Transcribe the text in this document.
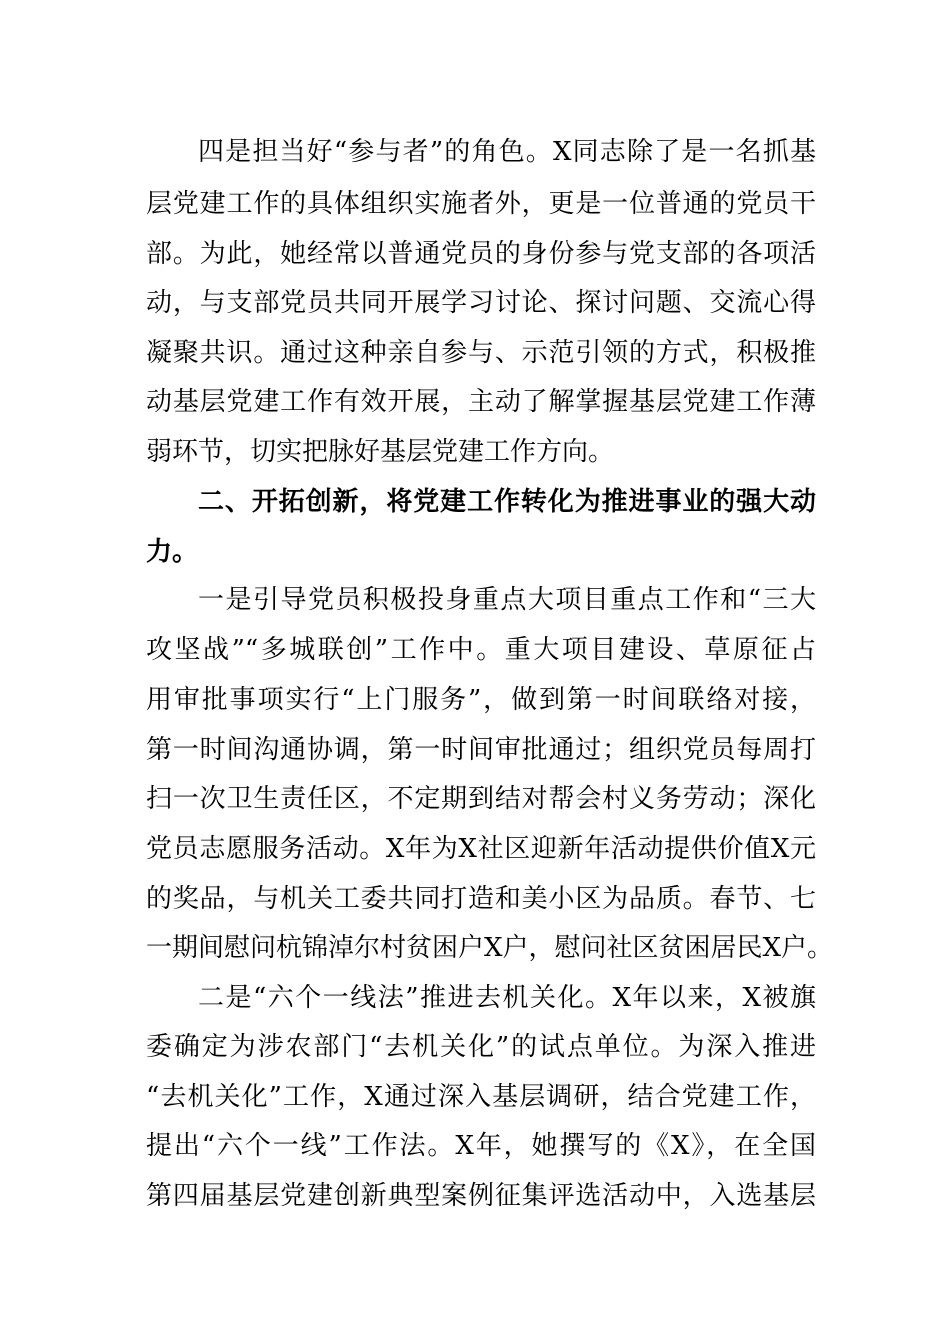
四是担当好“参与者”的角色。X同志除了是一名抓基
层党建工作的具体组织实施者外，更是一位普通的党员干
部。为此，她经常以普通党员的身份参与党支部的各项活
动，与支部党员共同开展学习讨论、探讨问题、交流心得
凝聚共识。通过这种亲自参与、示范引领的方式，积极推
动基层党建工作有效开展，主动了解掌握基层党建工作薄
弱环节，切实把脉好基层党建工作方向。
二、开拓创新，将党建工作转化为推进事业的强大动
力。
一是引导党员积极投身重点大项目重点工作和“三大
攻坚战”“多城联创”工作中。重大项目建设、草原征占
用审批事项实行“上门服务”，做到第一时间联络对接，
第一时间沟通协调，第一时间审批通过；组织党员每周打
扫一次卫生责任区，不定期到结对帮会村义务劳动；深化
党员志愿服务活动。X年为X社区迎新年活动提供价值X元
的奖品，与机关工委共同打造和美小区为品质。春节、七
一期间慰问杭锦淖尔村贫困户X户，慰问社区贫困居民X户。
二是“六个一线法”推进去机关化。X年以来，X被旗
委确定为涉农部门“去机关化”的试点单位。为深入推进
“去机关化”工作，X通过深入基层调研，结合党建工作，
提出“六个一线”工作法。X年，她撰写的《X》，在全国
第四届基层党建创新典型案例征集评选活动中，入选基层
